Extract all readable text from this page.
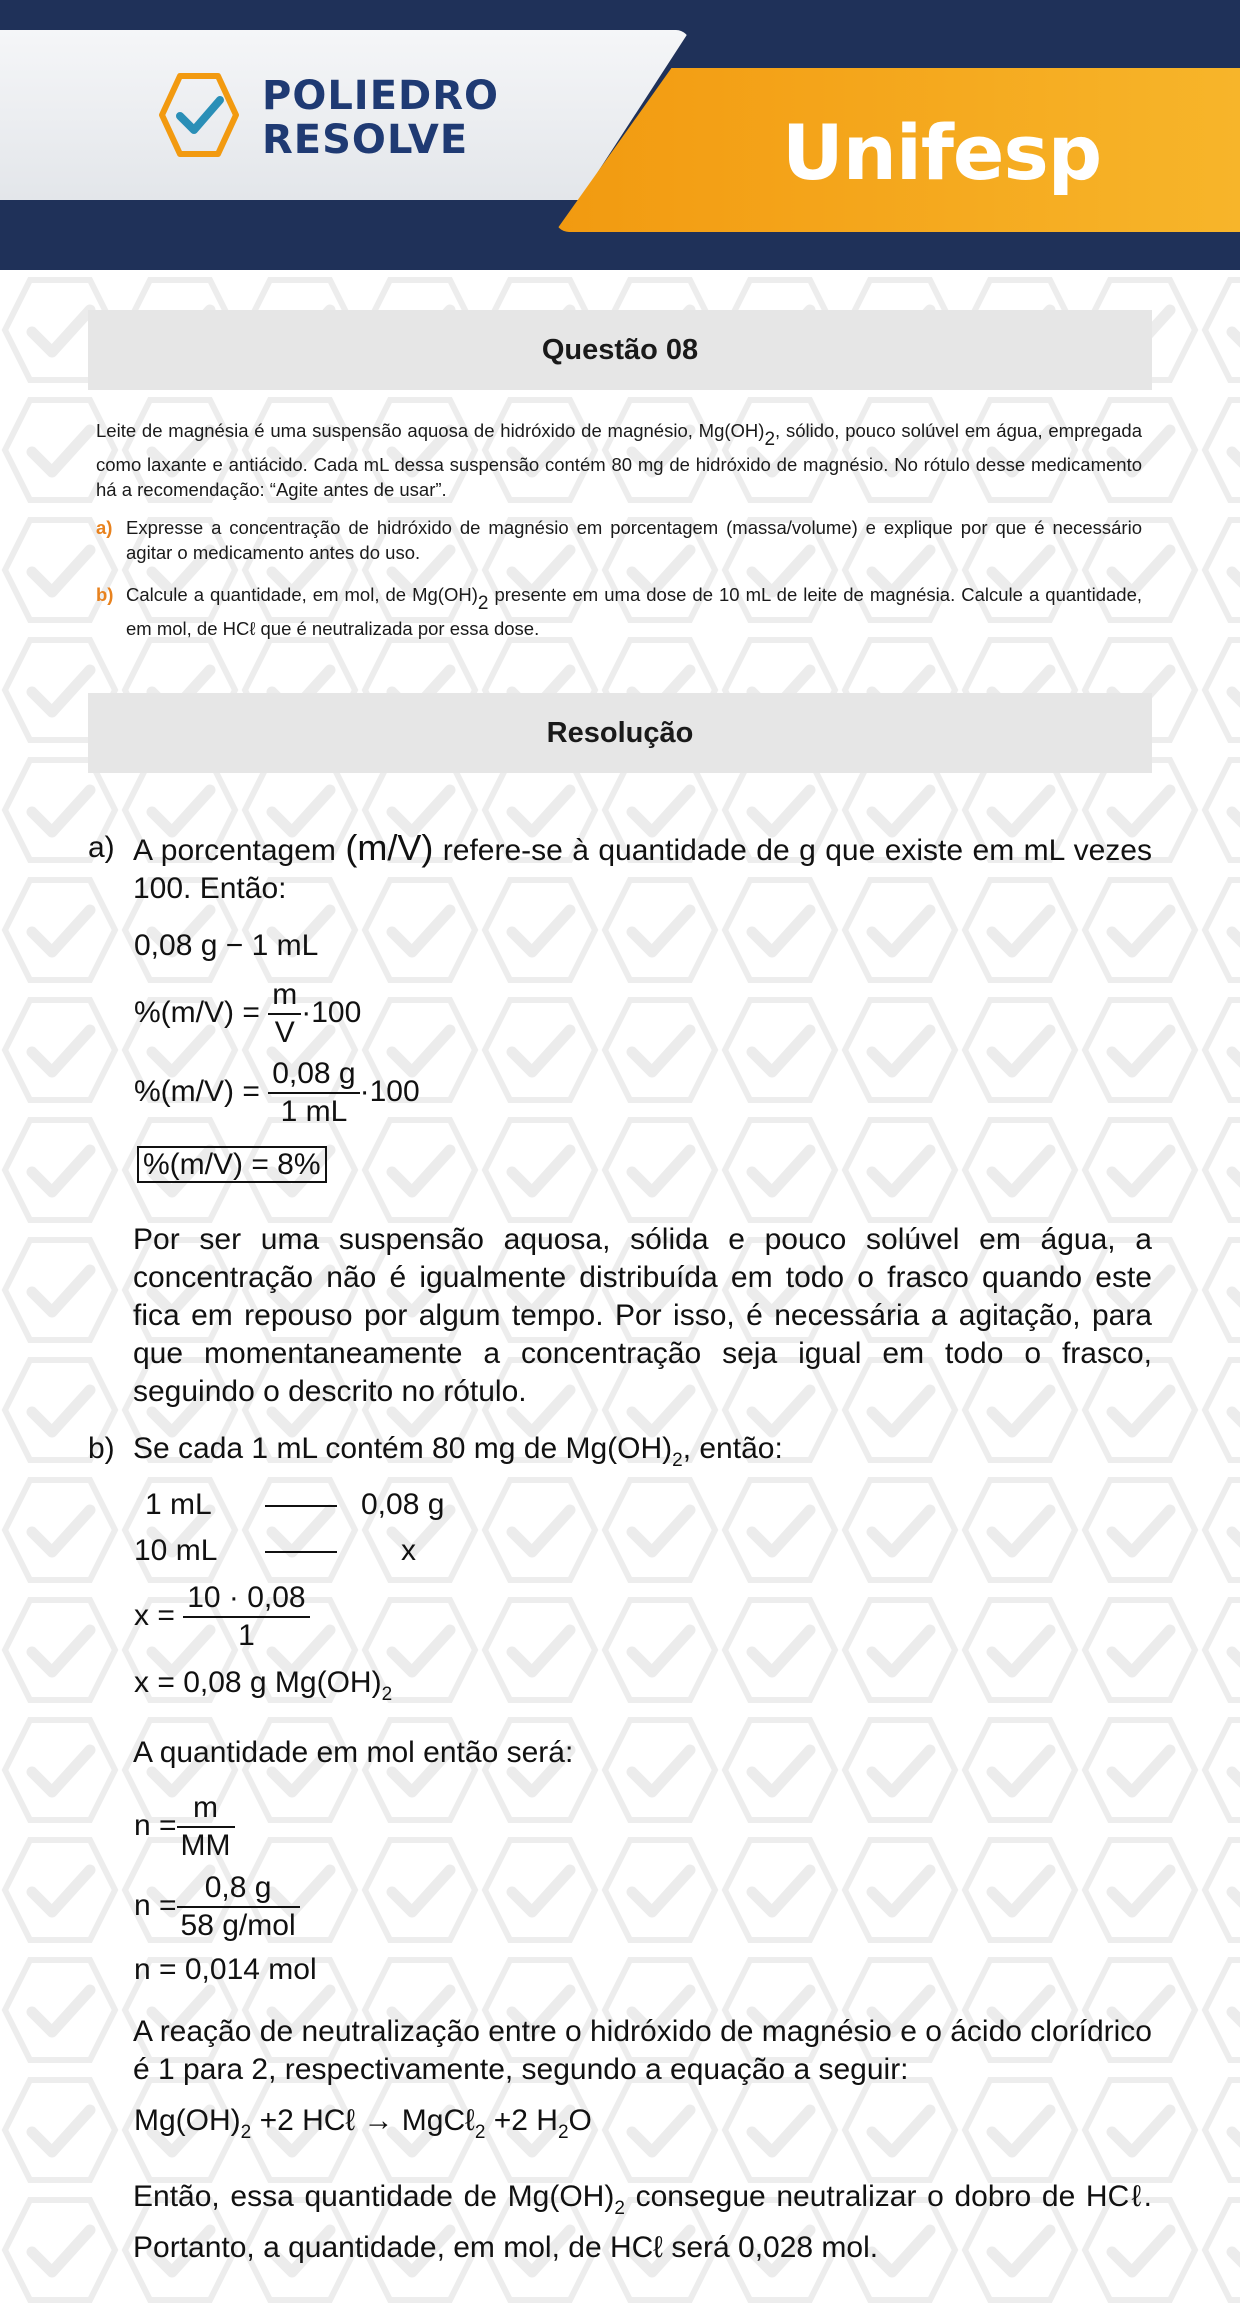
POLIEDRO
RESOLVE	Unifesp
Questão 08
Leite de magnésia é uma suspensão aquosa de hidróxido de magnésio, $Mg(OH)_2$, sólido, pouco solúvel em água, empregada como laxante e antiácido. Cada mL dessa suspensão contém 80 mg de hidróxido de magnésio. No rótulo desse medicamento há a recomendação: “Agite antes de usar”.
a) Expresse a concentração de hidróxido de magnésio em porcentagem (massa/volume) e explique por que é necessário agitar o medicamento antes do uso.
b) Calcule a quantidade, em mol, de $Mg(OH)_2$ presente em uma dose de 10 mL de leite de magnésia. Calcule a quantidade, em mol, de HCℓ que é neutralizada por essa dose.
Resolução
a) A porcentagem (m/V) refere-se à quantidade de g que existe em mL vezes 100. Então:
0,08 g − 1 mL
$\%(m/V) = \frac{m}{V} \cdot 100$
$\%(m/V) = \frac{0,08 g}{1 mL} \cdot 100$
%(m/V) = 8%
Por ser uma suspensão aquosa, sólida e pouco solúvel em água, a concentração não é igualmente distribuída em todo o frasco quando este fica em repouso por algum tempo. Por isso, é necessária a agitação, para que momentaneamente a concentração seja igual em todo o frasco, seguindo o descrito no rótulo.
b) Se cada 1 mL contém 80 mg de $Mg(OH)_2$, então:
1 mL	0,08 g
10 mL	x
$x = \frac{10 \cdot 0,08}{1}$
x = 0,08 g $Mg(OH)_2$
A quantidade em mol então será:
$n = \frac{m}{MM}$
$n = \frac{0,8 g}{\text{58 g/mol}}$
n = 0,014 mol
A reação de neutralização entre o hidróxido de magnésio e o ácido clorídrico é 1 para 2, respectivamente, segundo a equação a seguir:
$Mg(OH)_2 +2$ HCℓ → MgCℓ$_2$ +2 $H_2O$
Então, essa quantidade de $Mg(OH)_2$ consegue neutralizar o dobro de HCℓ.
Portanto, a quantidade, em mol, de HCℓ será 0,028 mol.
